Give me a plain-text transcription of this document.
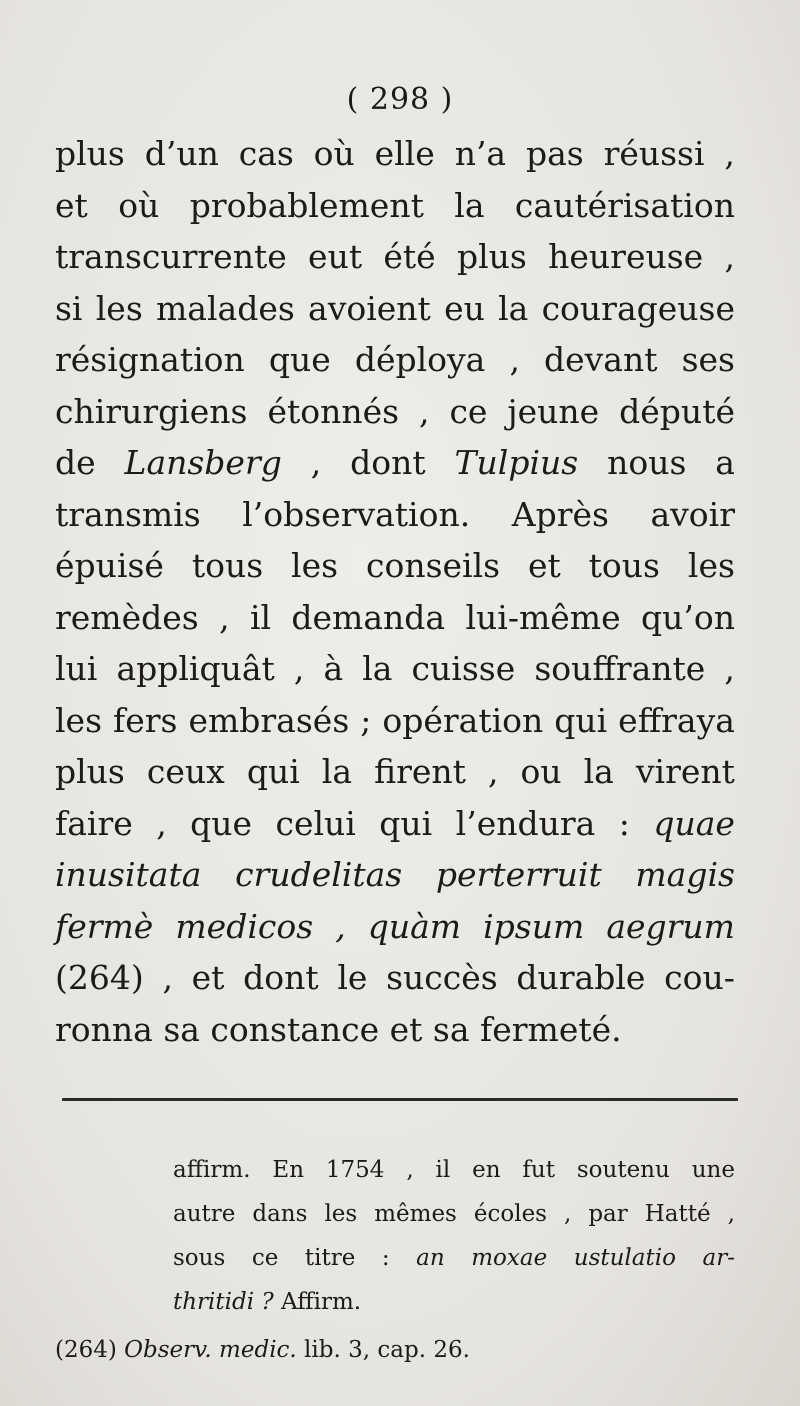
( 298 )
plus d’un cas où elle n’a pas réussi ,
et où probablement la cautérisation
transcurrente eut été plus heureuse ,
si les malades avoient eu la courageuse
résignation que déploya , devant ses
chirurgiens étonnés , ce jeune député
de Lansberg , dont Tulpius nous a
transmis l’observation. Après avoir
épuisé tous les conseils et tous les
remèdes , il demanda lui-même qu’on
lui appliquât , à la cuisse souffrante ,
les fers embrasés ; opération qui effraya
plus ceux qui la firent , ou la virent
faire , que celui qui l’endura : quae
inusitata crudelitas perterruit magis
fermè medicos , quàm ipsum aegrum
(264) , et dont le succès durable cou-
ronna sa constance et sa fermeté.
affirm. En 1754 , il en fut soutenu une
autre dans les mêmes écoles , par Hatté ,
sous ce titre : an moxae ustulatio ar-
thritidi ? Affirm.
(264) Observ. medic. lib. 3, cap. 26.
